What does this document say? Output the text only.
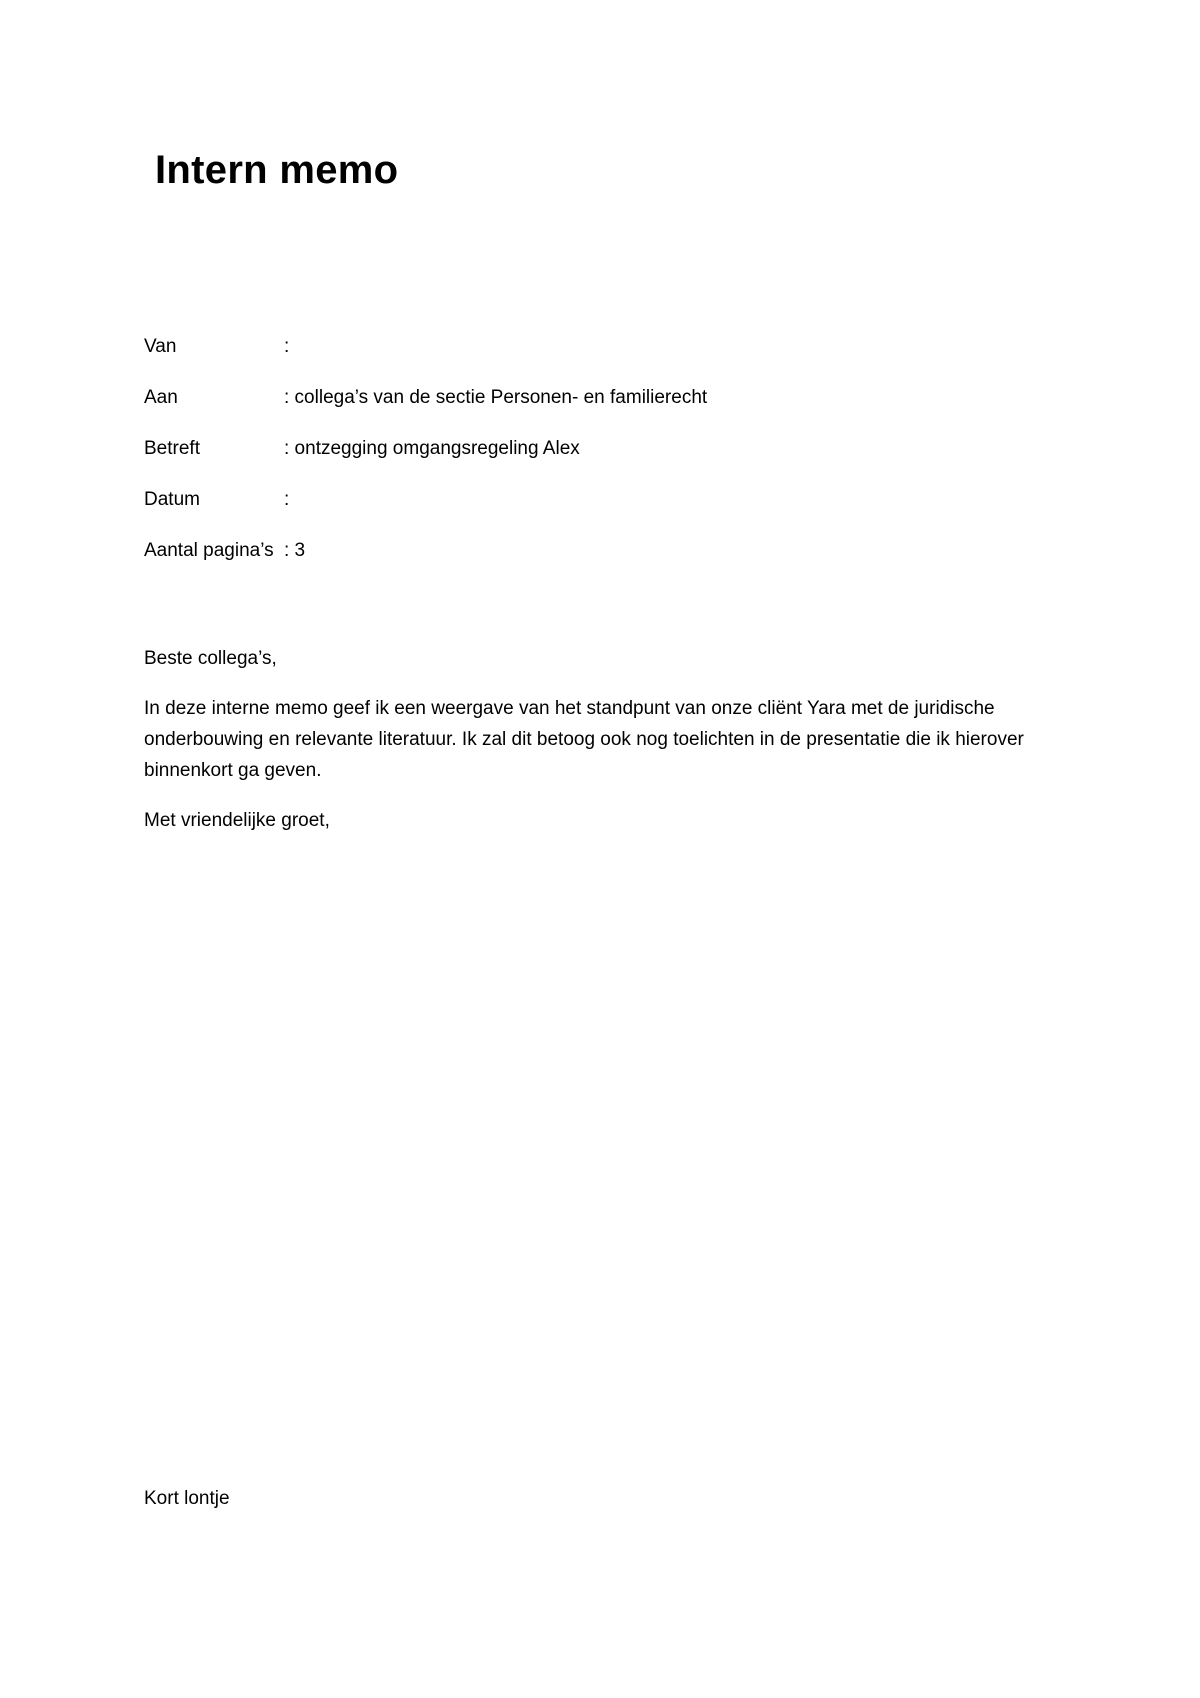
Intern memo
Van	:
Aan	: collega’s van de sectie Personen- en familierecht
Betreft	: ontzegging omgangsregeling Alex
Datum	:
Aantal pagina’s : 3

Beste collega’s,

In deze interne memo geef ik een weergave van het standpunt van onze cliënt Yara met de juridische onderbouwing en relevante literatuur. Ik zal dit betoog ook nog toelichten in de presentatie die ik hierover binnenkort ga geven.

Met vriendelijke groet,

Kort lontje
